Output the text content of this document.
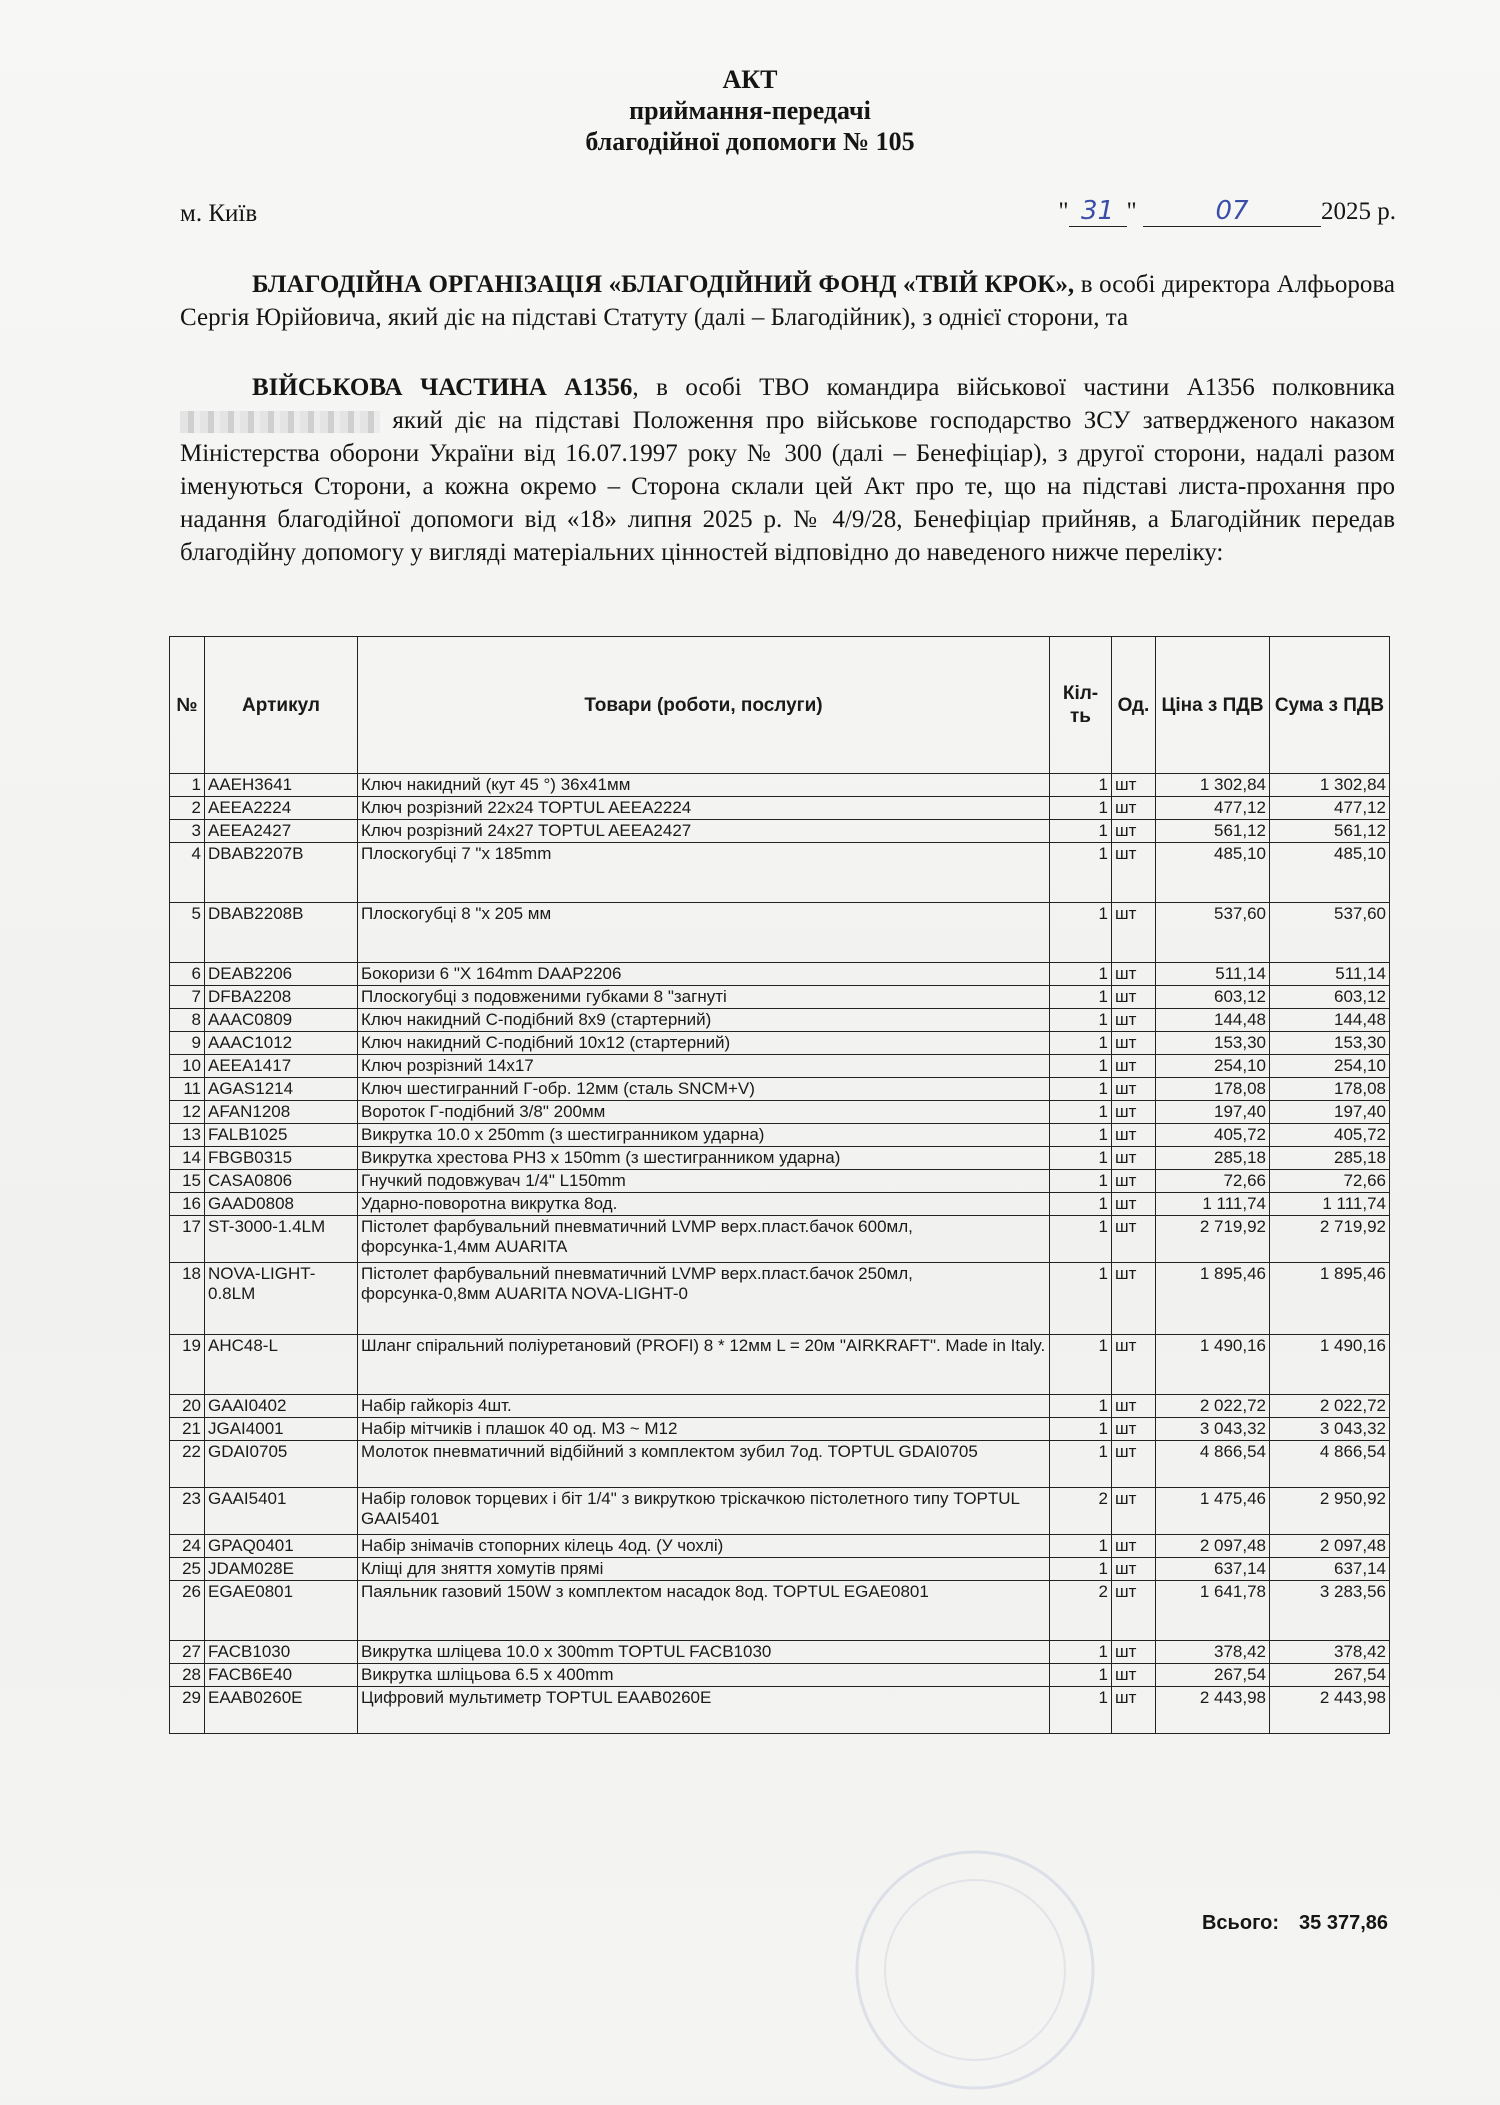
АКТ
приймання-передачі
благодійної допомоги № 105
м. Київ	" 31 "	07	2025 р.
БЛАГОДІЙНА ОРГАНІЗАЦІЯ «БЛАГОДІЙНИЙ ФОНД «ТВІЙ КРОК», в особі директора Алфьорова Сергія Юрійовича, який діє на підставі Статуту (далі – Благодійник), з однієї сторони, та
ВІЙСЬКОВА ЧАСТИНА А1356, в особі ТВО командира військової частини А1356 полковника  який діє на підставі Положення про військове господарство ЗСУ затвердженого наказом Міністерства оборони України від 16.07.1997 року № 300 (далі – Бенефіціар), з другої сторони, надалі разом іменуються Сторони, а кожна окремо – Сторона склали цей Акт про те, що на підставі листа-прохання про надання благодійної допомоги від «18» липня 2025 р. № 4/9/28, Бенефіціар прийняв, а Благодійник передав благодійну допомогу у вигляді матеріальних цінностей відповідно до наведеного нижче переліку:
№	Артикул	Товари (роботи, послуги)	Кіл-ть	Од.	Ціна з ПДВ	Сума з ПДВ
1	AAEH3641	Ключ накидний (кут 45 °) 36x41мм	1	шт	1 302,84	1 302,84
2	AEEA2224	Ключ розрізний 22x24 TOPTUL AEEA2224	1	шт	477,12	477,12
3	AEEA2427	Ключ розрізний 24x27 TOPTUL AEEA2427	1	шт	561,12	561,12
4	DBAB2207B	Плоскогубці 7 "x 185mm	1	шт	485,10	485,10
5	DBAB2208B	Плоскогубці 8 "x 205 мм	1	шт	537,60	537,60
6	DEAB2206	Бокоризи 6 "X 164mm DAAP2206	1	шт	511,14	511,14
7	DFBA2208	Плоскогубці з подовженими губками 8 "загнуті	1	шт	603,12	603,12
8	AAAC0809	Ключ накидний С-подібний 8x9 (стартерний)	1	шт	144,48	144,48
9	AAAC1012	Ключ накидний С-подібний 10x12 (стартерний)	1	шт	153,30	153,30
10	AEEA1417	Ключ розрізний 14x17	1	шт	254,10	254,10
11	AGAS1214	Ключ шестигранний Г-обр. 12мм (сталь SNCM+V)	1	шт	178,08	178,08
12	AFAN1208	Вороток Г-подібний 3/8" 200мм	1	шт	197,40	197,40
13	FALB1025	Викрутка 10.0 x 250mm (з шестигранником ударна)	1	шт	405,72	405,72
14	FBGB0315	Викрутка хрестова PH3 x 150mm (з шестигранником ударна)	1	шт	285,18	285,18
15	CASA0806	Гнучкий подовжувач 1/4" L150mm	1	шт	72,66	72,66
16	GAAD0808	Ударно-поворотна викрутка 8од.	1	шт	1 111,74	1 111,74
17	ST-3000-1.4LM	Пістолет фарбувальний пневматичний LVMP верх.пласт.бачок 600мл, форсунка-1,4мм AUARITA	1	шт	2 719,92	2 719,92
18	NOVA-LIGHT-0.8LM	Пістолет фарбувальний пневматичний LVMP верх.пласт.бачок 250мл, форсунка-0,8мм AUARITA NOVA-LIGHT-0	1	шт	1 895,46	1 895,46
19	AHC48-L	Шланг спіральний поліуретановий (PROFI) 8 * 12мм L = 20м "AIRKRAFT". Made in Italy.	1	шт	1 490,16	1 490,16
20	GAAI0402	Набір гайкоріз 4шт.	1	шт	2 022,72	2 022,72
21	JGAI4001	Набір мітчиків і плашок 40 од. М3 ~ М12	1	шт	3 043,32	3 043,32
22	GDAI0705	Молоток пневматичний відбійний з комплектом зубил 7од. TOPTUL GDAI0705	1	шт	4 866,54	4 866,54
23	GAAI5401	Набір головок торцевих і біт 1/4" з викруткою тріскачкою пістолетного типу TOPTUL GAAI5401	2	шт	1 475,46	2 950,92
24	GPAQ0401	Набір знімачів стопорних кілець 4од. (У чохлі)	1	шт	2 097,48	2 097,48
25	JDAM028E	Кліщі для зняття хомутів прямі	1	шт	637,14	637,14
26	EGAE0801	Паяльник газовий 150W з комплектом насадок 8од. TOPTUL EGAE0801	2	шт	1 641,78	3 283,56
27	FACB1030	Викрутка шліцева 10.0 x 300mm TOPTUL FACB1030	1	шт	378,42	378,42
28	FACB6E40	Викрутка шліцьова 6.5 x 400mm	1	шт	267,54	267,54
29	EAAB0260E	Цифровий мультиметр TOPTUL EAAB0260E	1	шт	2 443,98	2 443,98
Всього: 35 377,86
